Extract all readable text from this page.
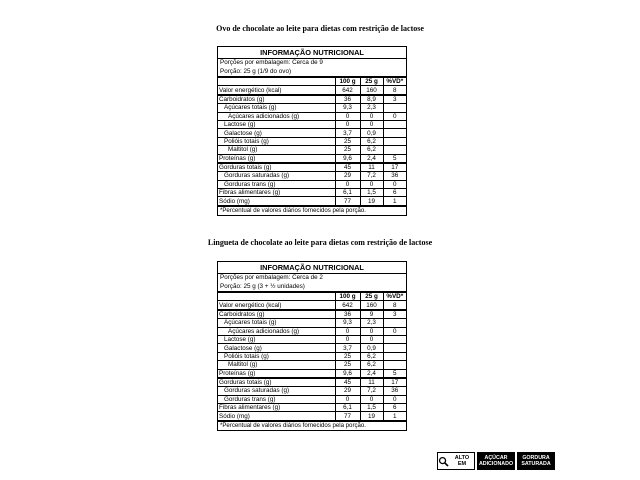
Ovo de chocolate ao leite para dietas com restrição de lactose
INFORMAÇÃO NUTRICIONAL
Porções por embalagem: Cerca de 9
Porção: 25 g (1/9 do ovo)
	100 g	25 g	%VD*
Valor energético (kcal)	642	160	8
Carboidratos (g)	36	8,9	3
Açúcares totais (g)	9,3	2,3	
Açúcares adicionados (g)	0	0	0
Lactose (g)	0	0	
Galactose (g)	3,7	0,9	
Polióis totais (g)	25	6,2	
Maltitol (g)	25	6,2	
Proteínas (g)	9,6	2,4	5
Gorduras totais (g)	45	11	17
Gorduras saturadas (g)	29	7,2	36
Gorduras trans (g)	0	0	0
Fibras alimentares (g)	6,1	1,5	6
Sódio (mg)	77	19	1
*Percentual de valores diários fornecidos pela porção.
Lingueta de chocolate ao leite para dietas com restrição de lactose
INFORMAÇÃO NUTRICIONAL
Porções por embalagem: Cerca de 2
Porção: 25 g (3 + ½ unidades)
	100 g	25 g	%VD*
Valor energético (kcal)	642	160	8
Carboidratos (g)	36	9	3
Açúcares totais (g)	9,3	2,3	
Açúcares adicionados (g)	0	0	0
Lactose (g)	0	0	
Galactose (g)	3,7	0,9	
Polióis totais (g)	25	6,2	
Maltitol (g)	25	6,2	
Proteínas (g)	9,6	2,4	5
Gorduras totais (g)	45	11	17
Gorduras saturadas (g)	29	7,2	36
Gorduras trans (g)	0	0	0
Fibras alimentares (g)	6,1	1,5	6
Sódio (mg)	77	19	1
*Percentual de valores diários fornecidos pela porção.
ALTO EM
AÇÚCAR ADICIONADO
GORDURA SATURADA
